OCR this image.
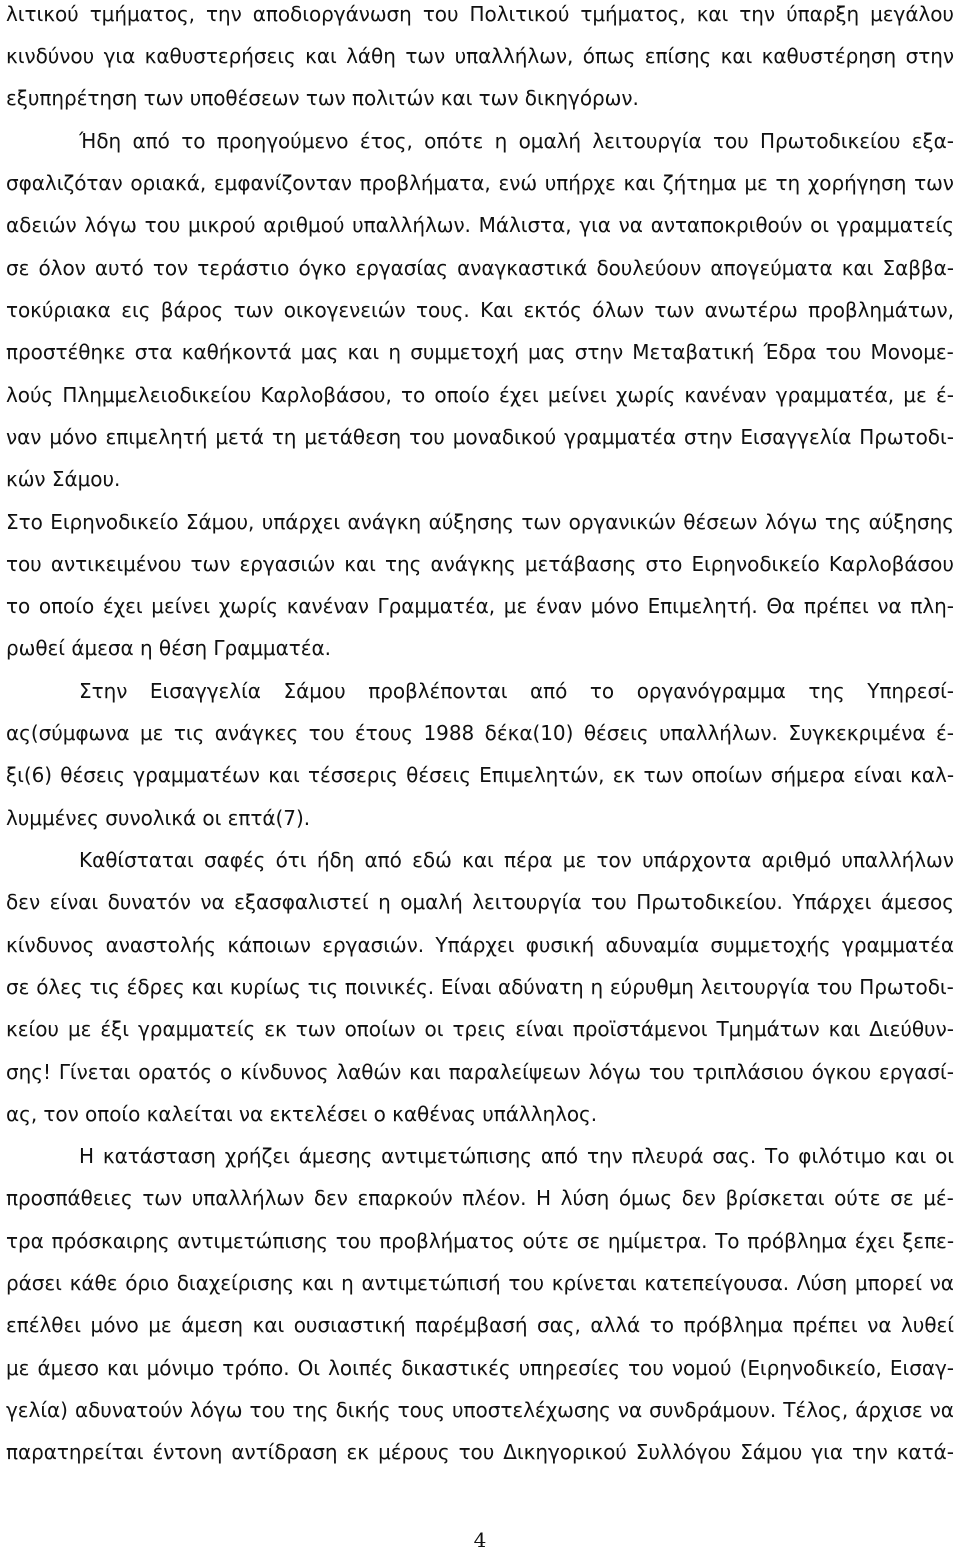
λιτικού τμήματος, την αποδιοργάνωση του Πολιτικού τμήματος, και την ύπαρξη μεγάλου
κινδύνου για καθυστερήσεις και λάθη των υπαλλήλων, όπως επίσης και καθυστέρηση στην
εξυπηρέτηση των υποθέσεων των πολιτών και των δικηγόρων.
Ήδη από το προηγούμενο έτος, οπότε η ομαλή λειτουργία του Πρωτοδικείου εξα-
σφαλιζόταν οριακά, εμφανίζονταν προβλήματα, ενώ υπήρχε και ζήτημα με τη χορήγηση των
αδειών λόγω του μικρού αριθμού υπαλλήλων. Μάλιστα, για να ανταποκριθούν οι γραμματείς
σε όλον αυτό τον τεράστιο όγκο εργασίας αναγκαστικά δουλεύουν απογεύματα και Σαββα-
τοκύριακα εις βάρος των οικογενειών τους. Και εκτός όλων των ανωτέρω προβλημάτων,
προστέθηκε στα καθήκοντά μας και η συμμετοχή μας στην Μεταβατική Έδρα του Μονομε-
λούς Πλημμελειοδικείου Καρλοβάσου, το οποίο έχει μείνει χωρίς κανέναν γραμματέα, με έ-
ναν μόνο επιμελητή μετά τη μετάθεση του μοναδικού γραμματέα στην Εισαγγελία Πρωτοδι-
κών Σάμου.
Στο Ειρηνοδικείο Σάμου, υπάρχει ανάγκη αύξησης των οργανικών θέσεων λόγω της αύξησης
του αντικειμένου των εργασιών και της ανάγκης μετάβασης στο Ειρηνοδικείο Καρλοβάσου
το οποίο έχει μείνει χωρίς κανέναν Γραμματέα, με έναν μόνο Επιμελητή. Θα πρέπει να πλη-
ρωθεί άμεσα η θέση Γραμματέα.
Στην Εισαγγελία Σάμου προβλέπονται από το οργανόγραμμα της Υπηρεσί-
ας(σύμφωνα με τις ανάγκες του έτους 1988 δέκα(10) θέσεις υπαλλήλων. Συγκεκριμένα έ-
ξι(6) θέσεις γραμματέων και τέσσερις θέσεις Επιμελητών, εκ των οποίων σήμερα είναι καλ-
λυμμένες συνολικά οι επτά(7).
Καθίσταται σαφές ότι ήδη από εδώ και πέρα με τον υπάρχοντα αριθμό υπαλλήλων
δεν είναι δυνατόν να εξασφαλιστεί η ομαλή λειτουργία του Πρωτοδικείου. Υπάρχει άμεσος
κίνδυνος αναστολής κάποιων εργασιών. Υπάρχει φυσική αδυναμία συμμετοχής γραμματέα
σε όλες τις έδρες και κυρίως τις ποινικές. Είναι αδύνατη η εύρυθμη λειτουργία του Πρωτοδι-
κείου με έξι γραμματείς εκ των οποίων οι τρεις είναι προϊστάμενοι Τμημάτων και Διεύθυν-
σης! Γίνεται ορατός ο κίνδυνος λαθών και παραλείψεων λόγω του τριπλάσιου όγκου εργασί-
ας, τον οποίο καλείται να εκτελέσει ο καθένας υπάλληλος.
Η κατάσταση χρήζει άμεσης αντιμετώπισης από την πλευρά σας. Το φιλότιμο και οι
προσπάθειες των υπαλλήλων δεν επαρκούν πλέον. Η λύση όμως δεν βρίσκεται ούτε σε μέ-
τρα πρόσκαιρης αντιμετώπισης του προβλήματος ούτε σε ημίμετρα. Το πρόβλημα έχει ξεπε-
ράσει κάθε όριο διαχείρισης και η αντιμετώπισή του κρίνεται κατεπείγουσα. Λύση μπορεί να
επέλθει μόνο με άμεση και ουσιαστική παρέμβασή σας, αλλά το πρόβλημα πρέπει να λυθεί
με άμεσο και μόνιμο τρόπο. Οι λοιπές δικαστικές υπηρεσίες του νομού (Ειρηνοδικείο, Εισαγ-
γελία) αδυνατούν λόγω του της δικής τους υποστελέχωσης να συνδράμουν. Τέλος, άρχισε να
παρατηρείται έντονη αντίδραση εκ μέρους του Δικηγορικού Συλλόγου Σάμου για την κατά-
4
